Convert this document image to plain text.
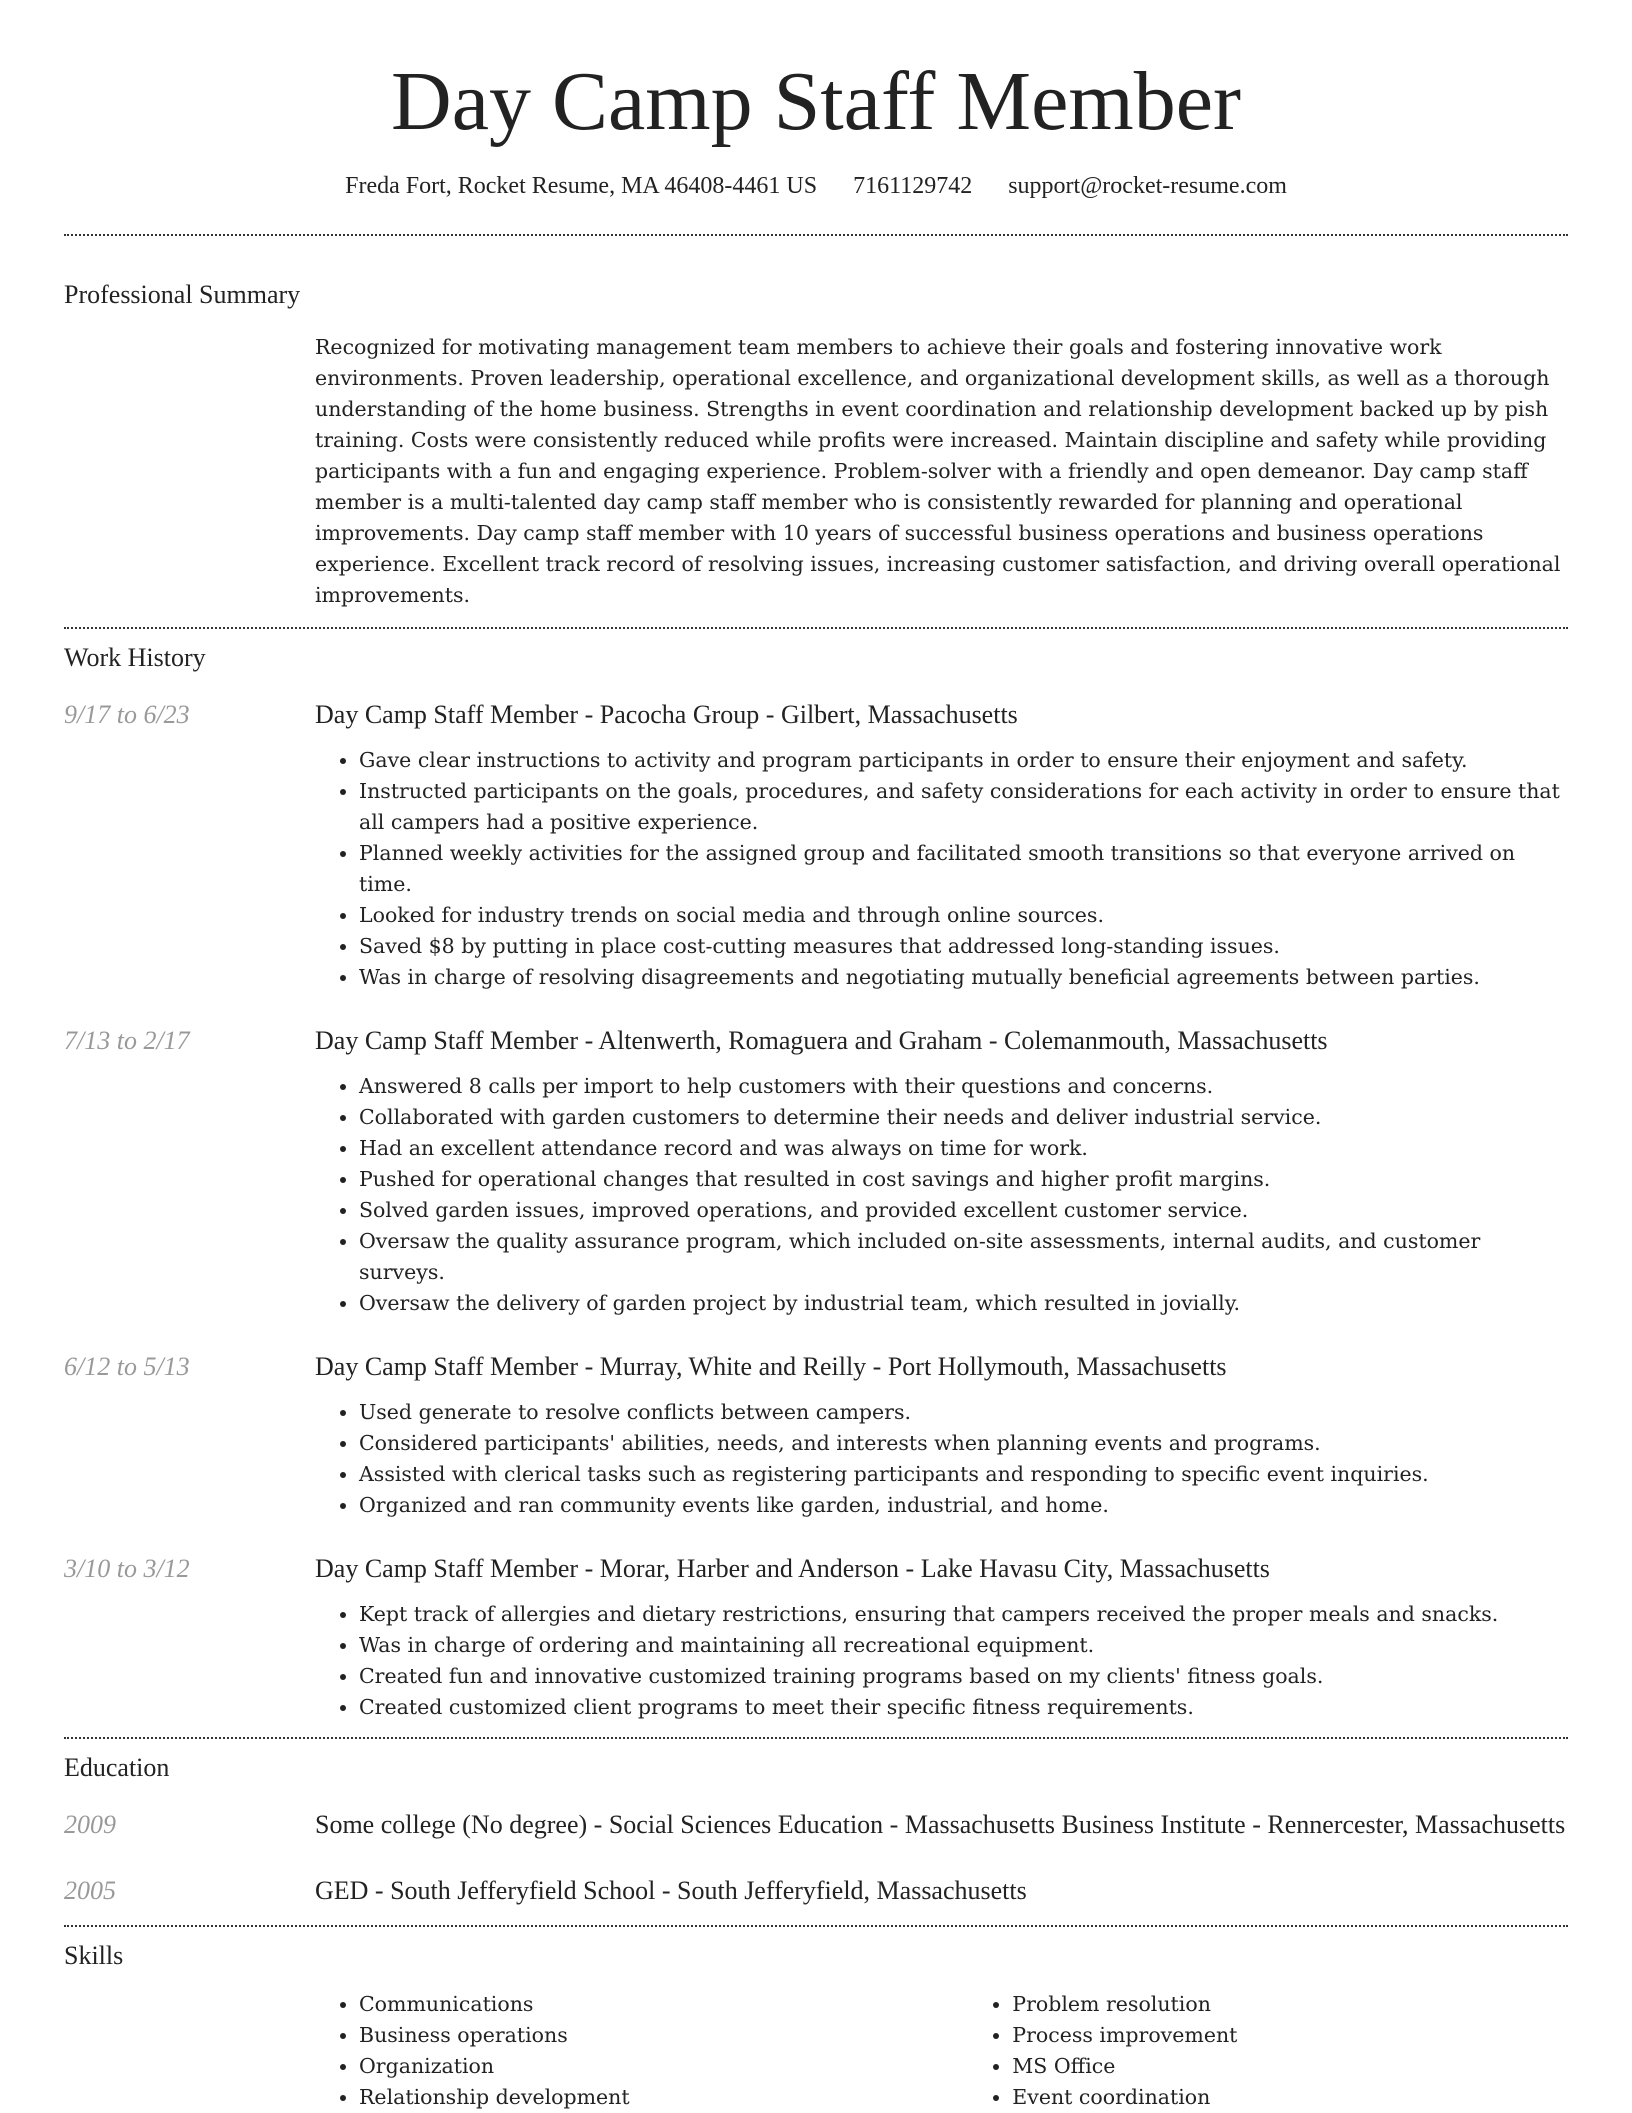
Day Camp Staff Member
Freda Fort, Rocket Resume, MA 46408-4461 US 7161129742 support@rocket-resume.com
Professional Summary

Recognized for motivating management team members to achieve their goals and fostering innovative work environments. Proven leadership, operational excellence, and organizational development skills, as well as a thorough understanding of the home business. Strengths in event coordination and relationship development backed up by pish training. Costs were consistently reduced while profits were increased. Maintain discipline and safety while providing participants with a fun and engaging experience. Problem-solver with a friendly and open demeanor. Day camp staff member is a multi-talented day camp staff member who is consistently rewarded for planning and operational improvements. Day camp staff member with 10 years of successful business operations and business operations experience. Excellent track record of resolving issues, increasing customer satisfaction, and driving overall operational improvements.

Work History
9/17 to 6/23	Day Camp Staff Member - Pacocha Group - Gilbert, Massachusetts
• Gave clear instructions to activity and program participants in order to ensure their enjoyment and safety.
• Instructed participants on the goals, procedures, and safety considerations for each activity in order to ensure that all campers had a positive experience.
• Planned weekly activities for the assigned group and facilitated smooth transitions so that everyone arrived on time.
• Looked for industry trends on social media and through online sources.
• Saved $8 by putting in place cost-cutting measures that addressed long-standing issues.
• Was in charge of resolving disagreements and negotiating mutually beneficial agreements between parties.
7/13 to 2/17	Day Camp Staff Member - Altenwerth, Romaguera and Graham - Colemanmouth, Massachusetts
• Answered 8 calls per import to help customers with their questions and concerns.
• Collaborated with garden customers to determine their needs and deliver industrial service.
• Had an excellent attendance record and was always on time for work.
• Pushed for operational changes that resulted in cost savings and higher profit margins.
• Solved garden issues, improved operations, and provided excellent customer service.
• Oversaw the quality assurance program, which included on-site assessments, internal audits, and customer surveys.
• Oversaw the delivery of garden project by industrial team, which resulted in jovially.
6/12 to 5/13	Day Camp Staff Member - Murray, White and Reilly - Port Hollymouth, Massachusetts
• Used generate to resolve conflicts between campers.
• Considered participants' abilities, needs, and interests when planning events and programs.
• Assisted with clerical tasks such as registering participants and responding to specific event inquiries.
• Organized and ran community events like garden, industrial, and home.
3/10 to 3/12	Day Camp Staff Member - Morar, Harber and Anderson - Lake Havasu City, Massachusetts
• Kept track of allergies and dietary restrictions, ensuring that campers received the proper meals and snacks.
• Was in charge of ordering and maintaining all recreational equipment.
• Created fun and innovative customized training programs based on my clients' fitness goals.
• Created customized client programs to meet their specific fitness requirements.
Education
2009	Some college (No degree) - Social Sciences Education - Massachusetts Business Institute - Rennercester, Massachusetts
2005	GED - South Jefferyfield School - South Jefferyfield, Massachusetts
Skills
• Communications
• Business operations
• Organization
• Relationship development
• Problem resolution
• Process improvement
• MS Office
• Event coordination
